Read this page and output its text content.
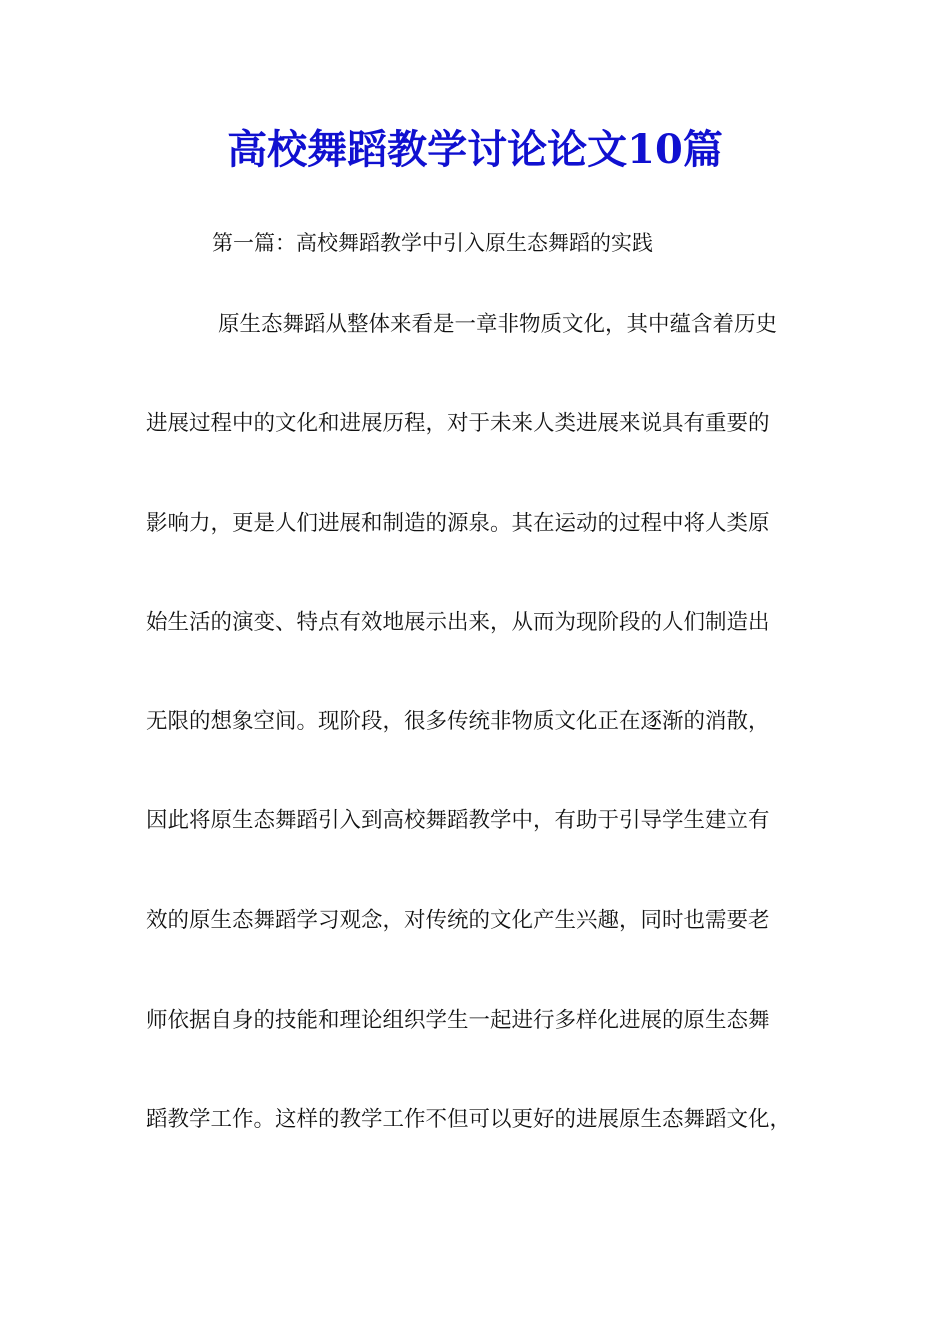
高校舞蹈教学讨论论文10篇

第一篇：高校舞蹈教学中引入原生态舞蹈的实践

原生态舞蹈从整体来看是一章非物质文化，其中蕴含着历史

进展过程中的文化和进展历程，对于未来人类进展来说具有重要的

影响力，更是人们进展和制造的源泉。其在运动的过程中将人类原

始生活的演变、特点有效地展示出来，从而为现阶段的人们制造出

无限的想象空间。现阶段，很多传统非物质文化正在逐渐的消散，

因此将原生态舞蹈引入到高校舞蹈教学中，有助于引导学生建立有

效的原生态舞蹈学习观念，对传统的文化产生兴趣，同时也需要老

师依据自身的技能和理论组织学生一起进行多样化进展的原生态舞

蹈教学工作。这样的教学工作不但可以更好的进展原生态舞蹈文化，
